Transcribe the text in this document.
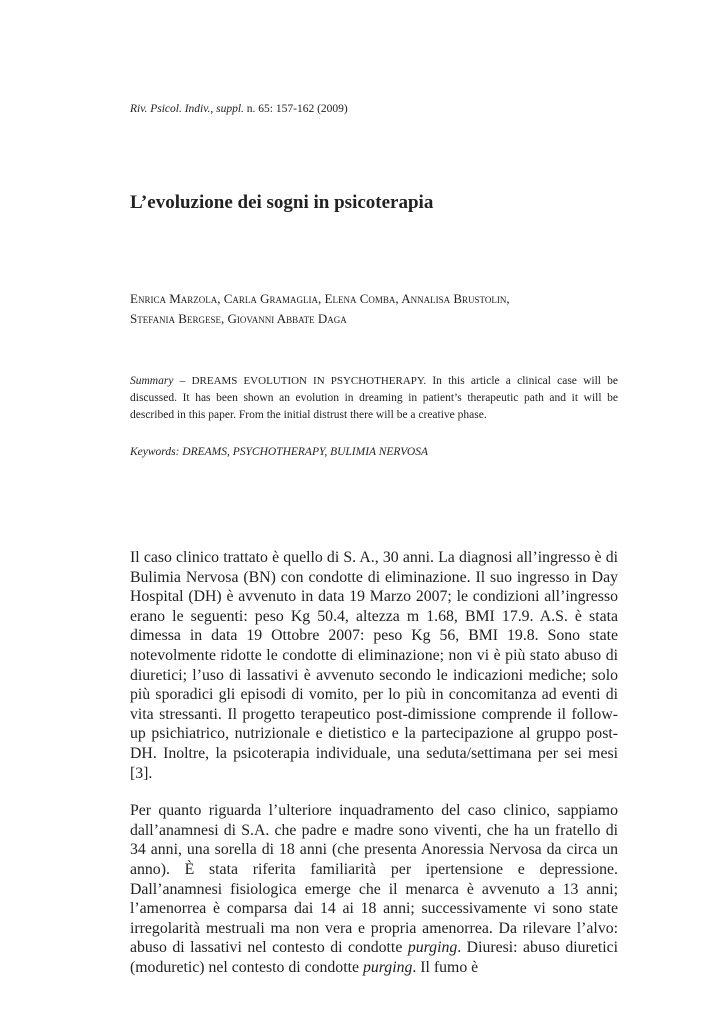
Riv. Psicol. Indiv., suppl. n. 65: 157-162 (2009)
L’evoluzione dei sogni in psicoterapia
Enrica Marzola, Carla Gramaglia, Elena Comba, Annalisa Brustolin,
Stefania Bergese, Giovanni Abbate Daga
Summary – DREAMS EVOLUTION IN PSYCHOTHERAPY. In this article a clinical case will be discussed. It has been shown an evolution in dreaming in patient’s therapeutic path and it will be described in this paper. From the initial distrust there will be a creative phase.
Keywords: DREAMS, PSYCHOTHERAPY, BULIMIA NERVOSA

Il caso clinico trattato è quello di S. A., 30 anni. La diagnosi all’ingresso è di Bulimia Nervosa (BN) con condotte di eliminazione. Il suo ingresso in Day Hospital (DH) è avvenuto in data 19 Marzo 2007; le condizioni all’ingresso erano le seguenti: peso Kg 50.4, altezza m 1.68, BMI 17.9. A.S. è stata dimessa in data 19 Ottobre 2007: peso Kg 56, BMI 19.8. Sono state notevolmente ridotte le condotte di eliminazione; non vi è più stato abuso di diuretici; l’uso di lassativi è avvenuto secondo le indicazioni mediche; solo più sporadici gli episodi di vomito, per lo più in concomitanza ad eventi di vita stressanti. Il progetto terapeutico post-dimissione comprende il follow-up psichiatrico, nutrizionale e dietistico e la partecipazione al gruppo post-DH. Inoltre, la psicoterapia individuale, una seduta/settimana per sei mesi [3].

Per quanto riguarda l’ulteriore inquadramento del caso clinico, sappiamo dall’anamnesi di S.A. che padre e madre sono viventi, che ha un fratello di 34 anni, una sorella di 18 anni (che presenta Anoressia Nervosa da circa un anno). È stata riferita familiarità per ipertensione e depressione. Dall’anamnesi fisiologica emerge che il menarca è avvenuto a 13 anni; l’amenorrea è comparsa dai 14 ai 18 anni; successivamente vi sono state irregolarità mestruali ma non vera e propria amenorrea. Da rilevare l’alvo: abuso di lassativi nel contesto di condotte purging. Diuresi: abuso diuretici (moduretic) nel contesto di condotte purging. Il fumo è
